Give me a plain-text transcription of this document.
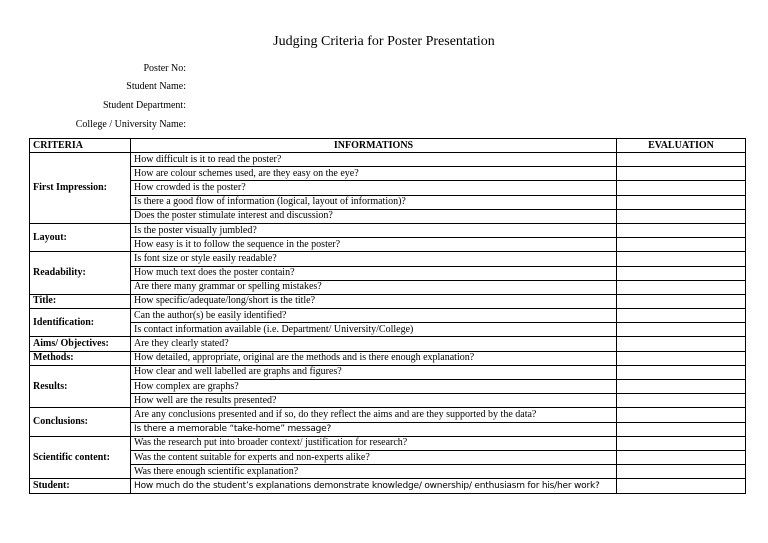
Judging Criteria for Poster Presentation
Poster No:
Student Name:
Student Department:
College / University Name:
CRITERIA	INFORMATIONS	EVALUATION
First Impression:	How difficult is it to read the poster?	
	How are colour schemes used, are they easy on the eye?	
	How crowded is the poster?	
	Is there a good flow of information (logical, layout of information)?	
	Does the poster stimulate interest and discussion?	
Layout:	Is the poster visually jumbled?	
	How easy is it to follow the sequence in the poster?	
Readability:	Is font size or style easily readable?	
	How much text does the poster contain?	
	Are there many grammar or spelling mistakes?	
Title:	How specific/adequate/long/short is the title?	
Identification:	Can the author(s) be easily identified?	
	Is contact information available (i.e. Department/ University/College)	
Aims/ Objectives:	Are they clearly stated?	
Methods:	How detailed, appropriate, original are the methods and is there enough explanation?	
Results:	How clear and well labelled are graphs and figures?	
	How complex are graphs?	
	How well are the results presented?	
Conclusions:	Are any conclusions presented and if so, do they reflect the aims and are they supported by the data?	
	Is there a memorable “take-home” message?	
Scientific content:	Was the research put into broader context/ justification for research?	
	Was the content suitable for experts and non-experts alike?	
	Was there enough scientific explanation?	
Student:	How much do the student’s explanations demonstrate knowledge/ ownership/ enthusiasm for his/her work?	
